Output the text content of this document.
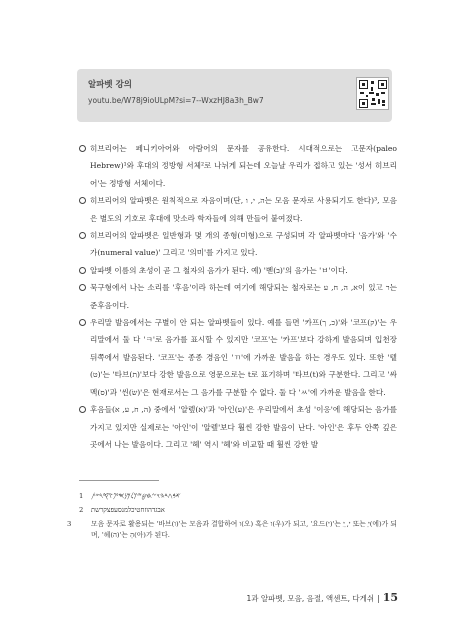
알파벳 강의
youtu.be/W78j9ioULpM?si=7--WxzHJ8a3h_Bw7

히브리어는 페니키아어와 아람어의 문자를 공유한다. 시대적으로는 고문자(paleo Hebrew)¹와 후대의 정방형 서체²로 나뉘게 되는데 오늘날 우리가 접하고 있는 '성서 히브리어'는 정방형 서체이다.

히브리어의 알파벳은 원칙적으로 자음이며(단, ה, י, ו는 모음 문자로 사용되기도 한다)³, 모음은 별도의 기호로 후대에 맛소라 학자들에 의해 만들어 붙여졌다.

히브리어의 알파벳은 일반형과 몇 개의 종형(미형)으로 구성되며 각 알파벳마다 '음가'와 '수가(numeral value)' 그리고 '의미'를 가지고 있다.

알파벳 이름의 초성이 곧 그 철자의 음가가 된다. 예) '벧(ב)'의 음가는 'ㅂ'이다.

묵구형에서 나는 소리를 '후음'이라 하는데 여기에 해당되는 철자로는 א, ה, ח, ע이 있고 ר는 준후음이다.

우리말 발음에서는 구별이 안 되는 알파벳들이 있다. 예를 들면 '카프(כ, ך)'와 '코프(ק)'는 우리말에서 둘 다 'ㅋ'로 음가를 표시할 수 있지만 '코프'는 '카프'보다 강하게 발음되며 입천장 뒤쪽에서 발음된다. '코프'는 종종 경음인 'ㄲ'에 가까운 발음을 하는 경우도 있다. 또한 '텥(ט)'는 '타브(ת)'보다 강한 발음으로 영문으로는 t로 표기하며 '타브(t)와 구분한다. 그리고 '싸멕(ס)'과 '씬(שׂ)'은 현재로서는 그 음가를 구분할 수 없다. 둘 다 'ㅆ'에 가까운 발음을 한다.

후음들(ה, ח, ע, א) 중에서 '알렢(א)'과 '아인(ע)'은 우리말에서 초성 '이응'에 해당되는 음가를 가지고 있지만 실제로는 '아인'이 '알렢'보다 훨씬 강한 발음이 난다. '아인'은 후두 안쪽 깊은 곳에서 나는 발음이다. 그리고 '헤' 역시 '헤'와 비교할 때 훨씬 강한 발

1 𐤀𐤁𐤂𐤃𐤄𐤅𐤆𐤇𐤈𐤉𐤊𐤋𐤌𐤍𐤎𐤏𐤐𐤑𐤒𐤓𐤔𐤕
2 אבגדהוזחטיכלמנסעפצקרשת
3	모음 문자로 활용되는 '바브(ו)'는 모음과 결합하여 ו(오) 혹은 ו(우)가 되고, '요드(י)'는 ִי, ֵי 또는 ֵי(에)가 되며, '헤(ה)'는 הָ(아)가 된다.
1과 알파벳, 모음, 음절, 액센트, 다게쉬 | 15
